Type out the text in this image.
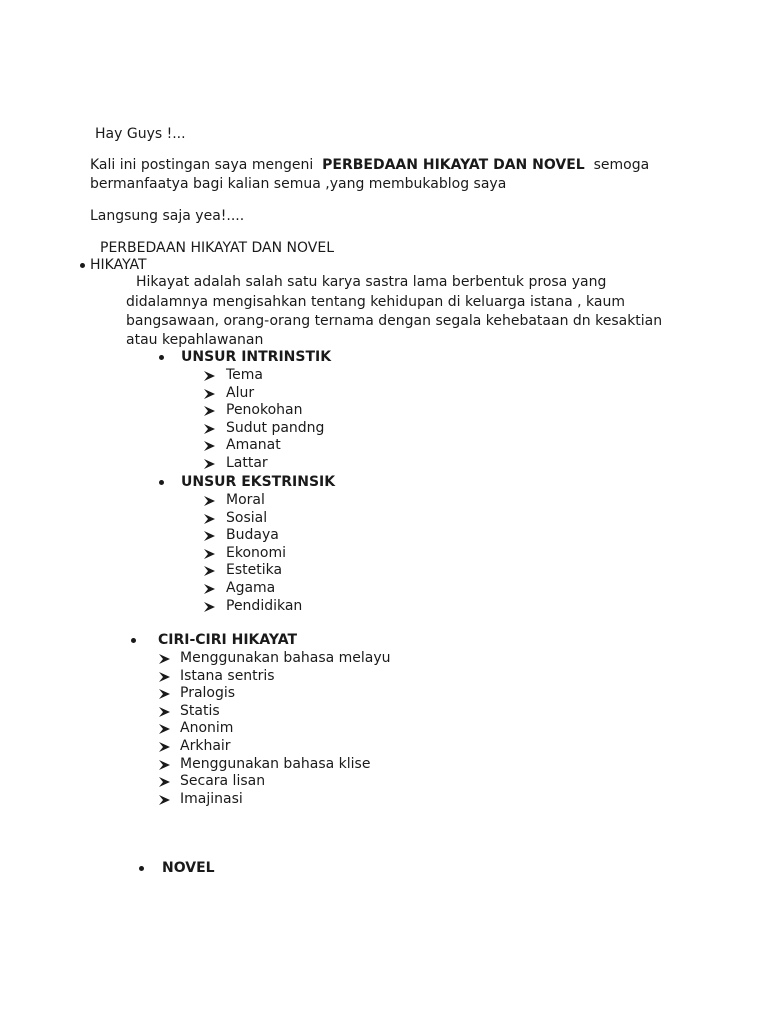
Hay Guys !...
Kali ini postingan saya mengeni PERBEDAAN HIKAYAT DAN NOVEL semoga
bermanfaatya bagi kalian semua ,yang membukablog saya
Langsung saja yea!....
PERBEDAAN HIKAYAT DAN NOVEL
HIKAYAT
Hikayat adalah salah satu karya sastra lama berbentuk prosa yang
didalamnya mengisahkan tentang kehidupan di keluarga istana , kaum
bangsawaan, orang-orang ternama dengan segala kehebataan dn kesaktian
atau kepahlawanan
UNSUR INTRINSTIK
Tema
Alur
Penokohan
Sudut pandng
Amanat
Lattar
UNSUR EKSTRINSIK
Moral
Sosial
Budaya
Ekonomi
Estetika
Agama
Pendidikan
CIRI-CIRI HIKAYAT
Menggunakan bahasa melayu
Istana sentris
Pralogis
Statis
Anonim
Arkhair
Menggunakan bahasa klise
Secara lisan
Imajinasi
NOVEL
